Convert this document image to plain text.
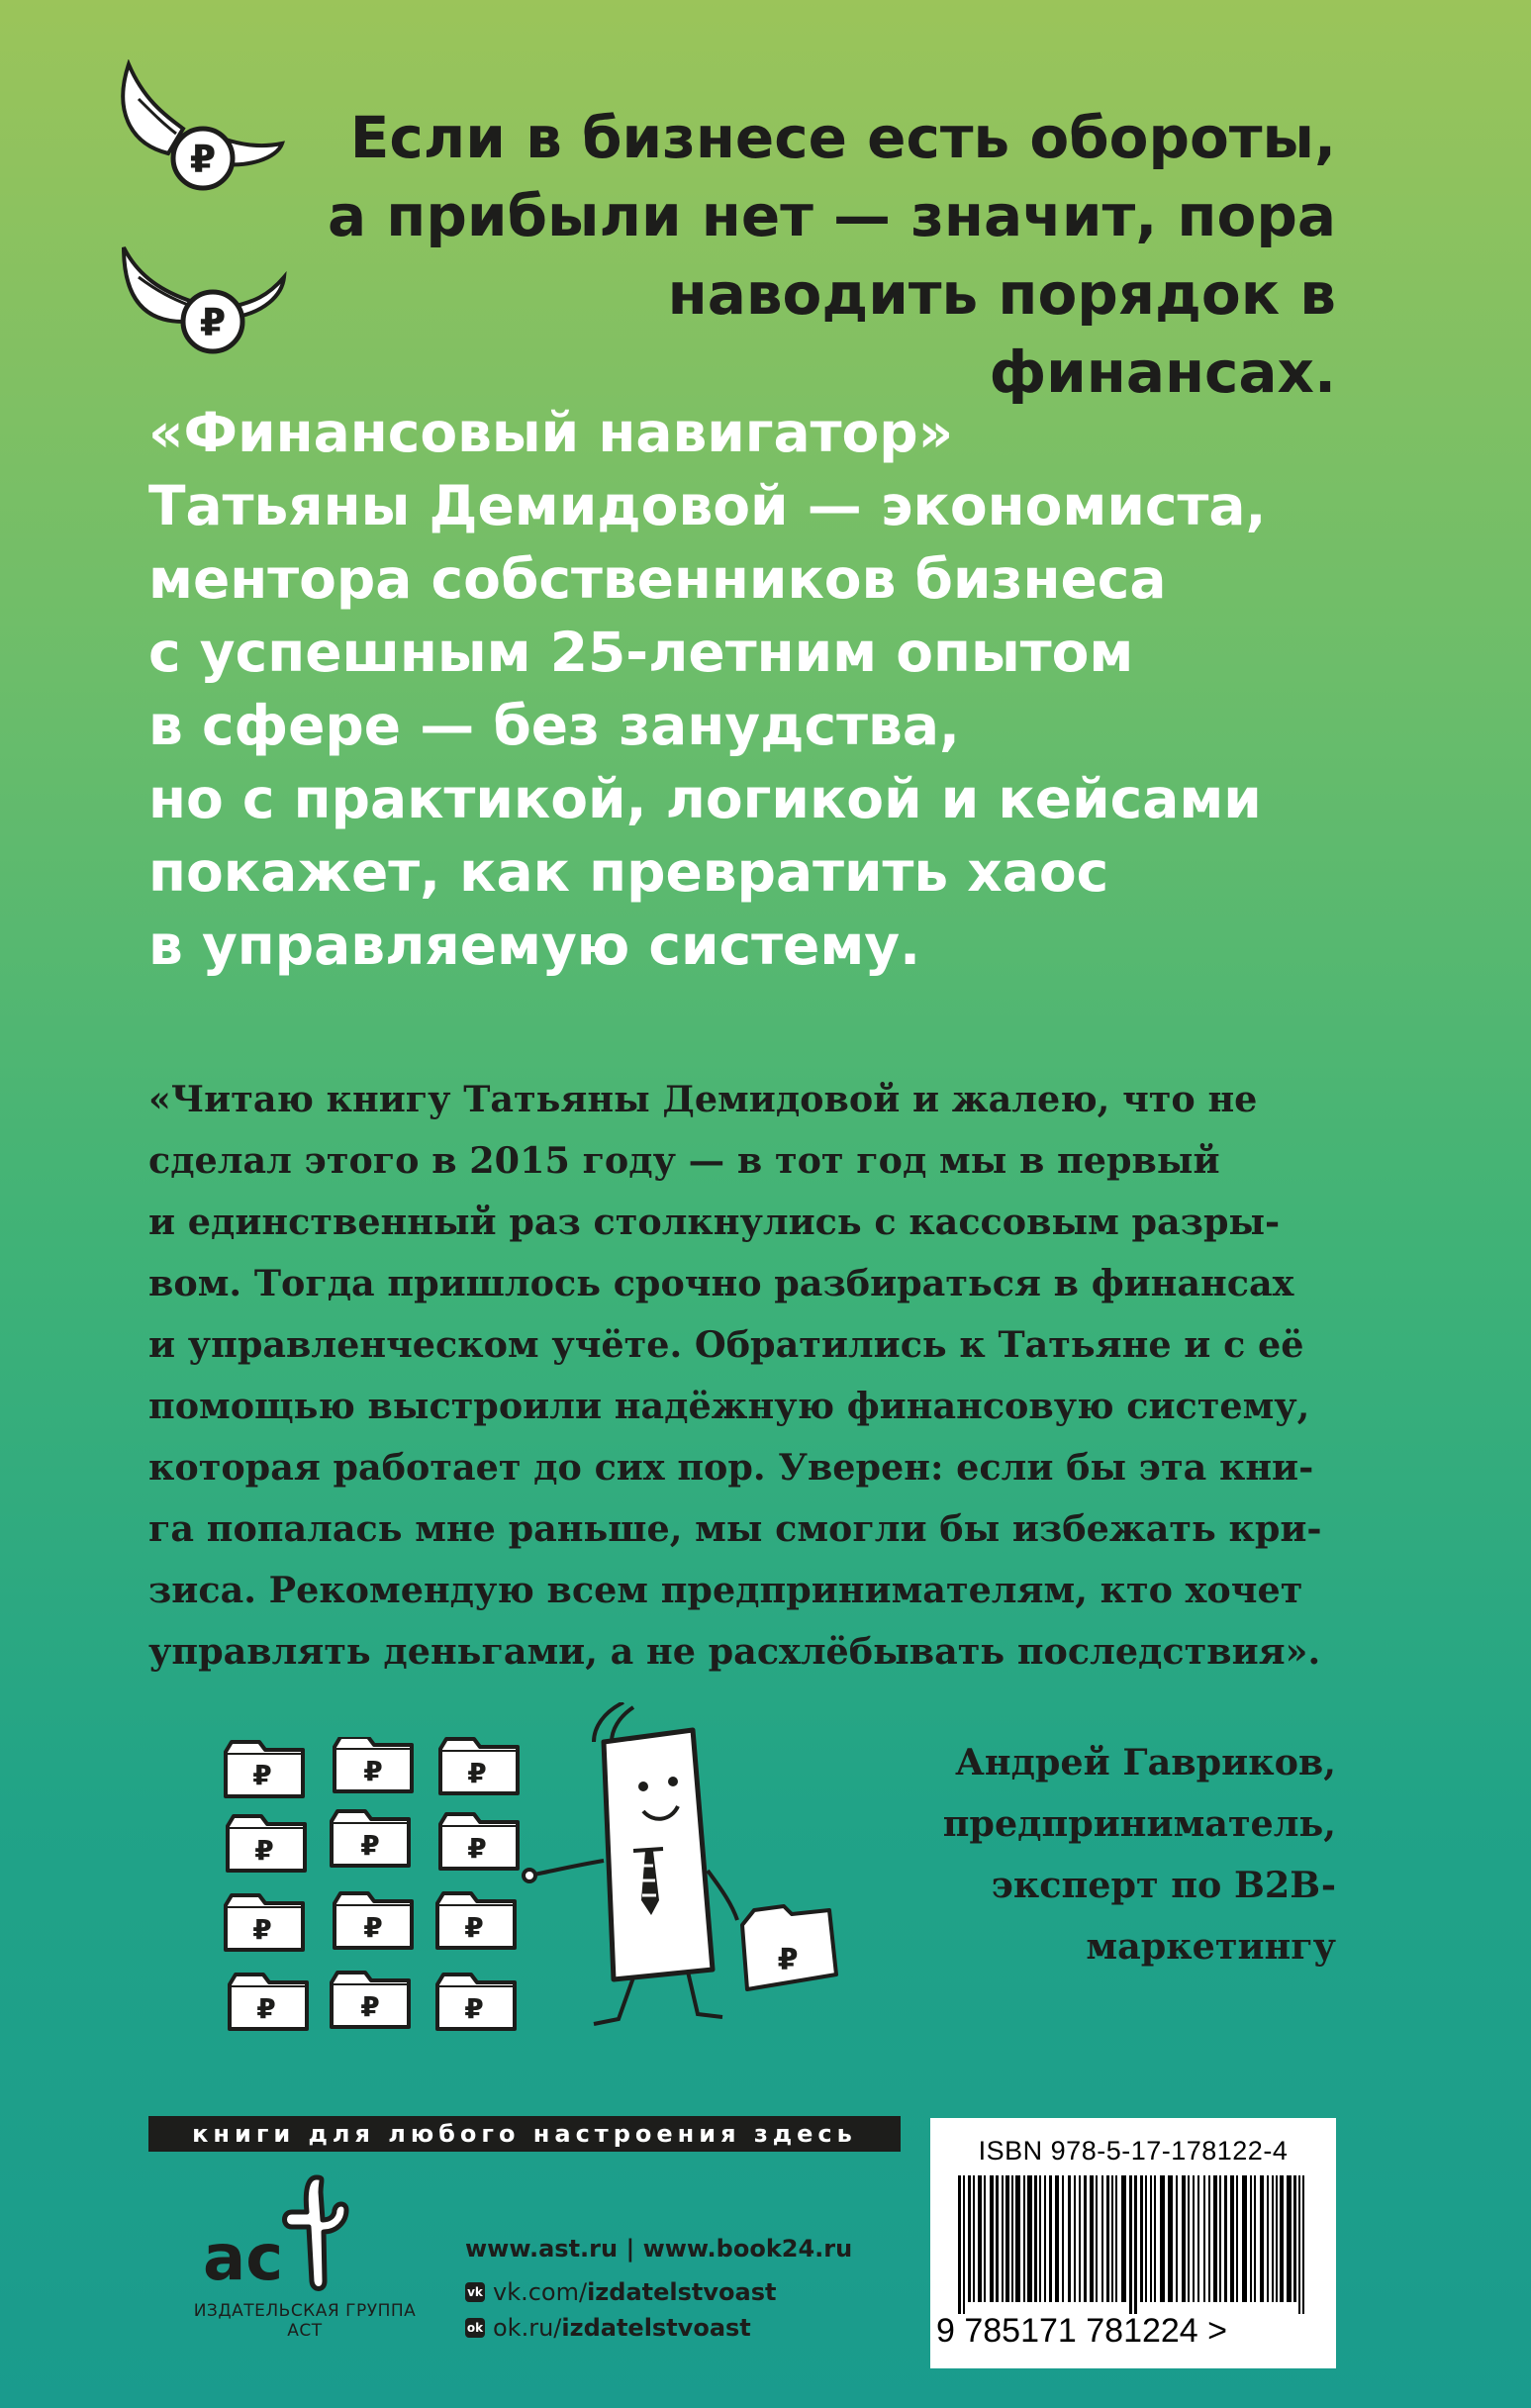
₽
₽
Если в бизнесе есть обороты,
а прибыли нет — значит, пора
наводить порядок в финансах.
«Финансовый навигатор»
Татьяны Демидовой — экономиста,
ментора собственников бизнеса
с успешным 25-летним опытом
в сфере — без занудства,
но с практикой, логикой и кейсами
покажет, как превратить хаос
в управляемую систему.
«Читаю книгу Татьяны Демидовой и жалею, что не
сделал этого в 2015 году — в тот год мы в первый
и единственный раз столкнулись с кассовым разры-
вом. Тогда пришлось срочно разбираться в финансах
и управленческом учёте. Обратились к Татьяне и с её
помощью выстроили надёжную финансовую систему,
которая работает до сих пор. Уверен: если бы эта кни-
га попалась мне раньше, мы смогли бы избежать кри-
зиса. Рекомендую всем предпринимателям, кто хочет
управлять деньгами, а не расхлёбывать последствия».
Андрей Гавриков,
предприниматель,
эксперт по B2B-
маркетингу
₽	₽	₽
₽	₽	₽
₽	₽	₽
₽	₽	₽
₽
книги для любого настроения здесь
ac
ИЗДАТЕЛЬСКАЯ ГРУППА АСТ
www.ast.ru | www.book24.ru
vk vk.com/izdatelstvoast
ok ok.ru/izdatelstvoast
ISBN 978-5-17-178122-4
9 785171 781224 >
